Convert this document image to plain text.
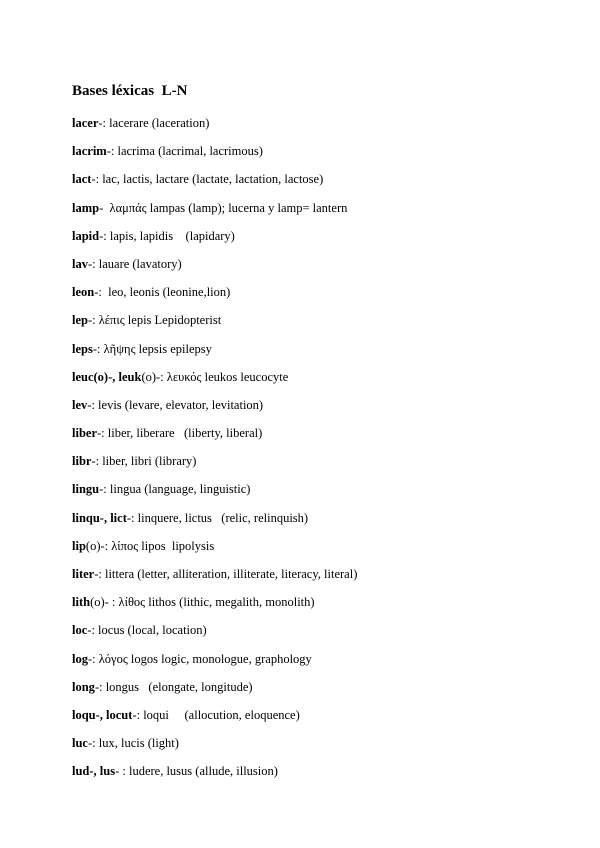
Bases léxicas  L-N
lacer-: lacerare (laceration)
lacrim-: lacrima (lacrimal, lacrimous)
lact-: lac, lactis, lactare (lactate, lactation, lactose)
lamp-  λαμπάς lampas (lamp); lucerna y lamp= lantern
lapid-: lapis, lapidis    (lapidary)
lav-: lauare (lavatory)
leon-:  leo, leonis (leonine,lion)
lep-: λέπις lepis Lepidopterist
leps-: λῆψης lepsis epilepsy
leuc(o)-, leuk(o)-: λευκός leukos leucocyte
lev-: levis (levare, elevator, levitation)
liber-: liber, liberare   (liberty, liberal)
libr-: liber, libri (library)
lingu-: lingua (language, linguistic)
linqu-, lict-: linquere, lictus   (relic, relinquish)
lip(o)-: λίπος lipos  lipolysis
liter-: littera (letter, alliteration, illiterate, literacy, literal)
lith(o)- : λίθος lithos (lithic, megalith, monolith)
loc-: locus (local, location)
log-: λόγος logos logic, monologue, graphology
long-: longus   (elongate, longitude)
loqu-, locut-: loqui     (allocution, eloquence)
luc-: lux, lucis (light)
lud-, lus- : ludere, lusus (allude, illusion)
